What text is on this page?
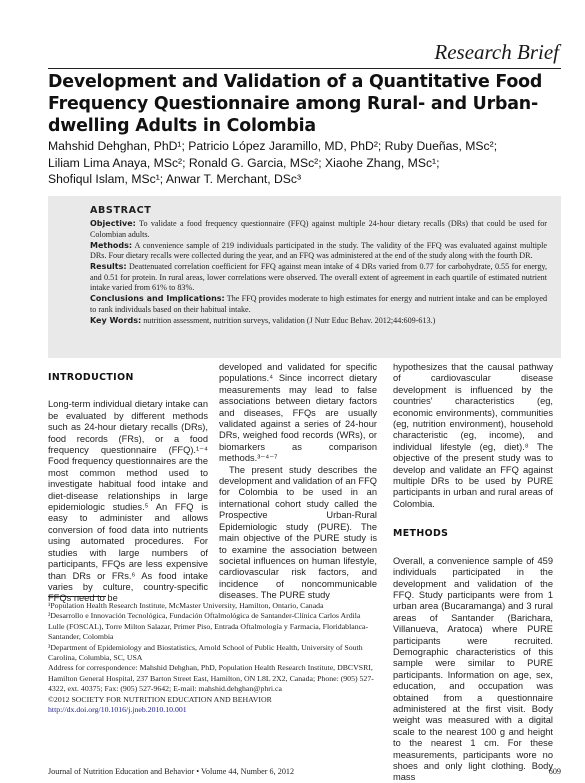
Research Brief
Development and Validation of a Quantitative Food Frequency Questionnaire among Rural- and Urban-dwelling Adults in Colombia
Mahshid Dehghan, PhD¹; Patricio López Jaramillo, MD, PhD²; Ruby Dueñas, MSc²;
Liliam Lima Anaya, MSc²; Ronald G. Garcia, MSc²; Xiaohe Zhang, MSc¹;
Shofiqul Islam, MSc¹; Anwar T. Merchant, DSc³
ABSTRACT
Objective: To validate a food frequency questionnaire (FFQ) against multiple 24-hour dietary recalls (DRs) that could be used for Colombian adults.
Methods: A convenience sample of 219 individuals participated in the study. The validity of the FFQ was evaluated against multiple DRs. Four dietary recalls were collected during the year, and an FFQ was administered at the end of the study along with the fourth DR.
Results: Deattenuated correlation coefficient for FFQ against mean intake of 4 DRs varied from 0.77 for carbohydrate, 0.55 for energy, and 0.51 for protein. In rural areas, lower correlations were observed. The overall extent of agreement in each quartile of estimated nutrient intake varied from 61% to 83%.
Conclusions and Implications: The FFQ provides moderate to high estimates for energy and nutrient intake and can be employed to rank individuals based on their habitual intake.
Key Words: nutrition assessment, nutrition surveys, validation (J Nutr Educ Behav. 2012;44:609-613.)
INTRODUCTION

Long-term individual dietary intake can be evaluated by different methods such as 24-hour dietary recalls (DRs), food records (FRs), or a food frequency questionnaire (FFQ).¹⁻⁴ Food frequency questionnaires are the most common method used to investigate habitual food intake and diet-disease relationships in large epidemiologic studies.⁵ An FFQ is easy to administer and allows conversion of food data into nutrients using automated procedures. For studies with large numbers of participants, FFQs are less expensive than DRs or FRs.⁶ As food intake varies by culture, country-specific FFQs need to be

developed and validated for specific populations.⁴ Since incorrect dietary measurements may lead to false associations between dietary factors and diseases, FFQs are usually validated against a series of 24-hour DRs, weighed food records (WRs), or biomarkers as comparison methods.³⁻⁴⁻⁷

The present study describes the development and validation of an FFQ for Colombia to be used in an international cohort study called the Prospective Urban-Rural Epidemiologic study (PURE). The main objective of the PURE study is to examine the association between societal influences on human lifestyle, cardiovascular risk factors, and incidence of noncommunicable diseases. The PURE study

hypothesizes that the causal pathway of cardiovascular disease development is influenced by the countries' characteristics (eg, economic environments), communities (eg, nutrition environment), household characteristic (eg, income), and individual lifestyle (eg, diet).⁸ The objective of the present study was to develop and validate an FFQ against multiple DRs to be used by PURE participants in urban and rural areas of Colombia.

METHODS

Overall, a convenience sample of 459 individuals participated in the development and validation of the FFQ. Study participants were from 1 urban area (Bucaramanga) and 3 rural areas of Santander (Barichara, Villanueva, Aratoca) where PURE participants were recruited. Demographic characteristics of this sample were similar to PURE participants. Information on age, sex, education, and occupation was obtained from a questionnaire administered at the first visit. Body weight was measured with a digital scale to the nearest 100 g and height to the nearest 1 cm. For these measurements, participants wore no shoes and only light clothing. Body mass

¹Population Health Research Institute, McMaster University, Hamilton, Ontario, Canada
²Desarrollo e Innovación Tecnológica, Fundación Oftalmológica de Santander-Clínica Carlos Ardila Lulle (FOSCAL), Torre Milton Salazar, Primer Piso, Entrada Oftalmología y Farmacia, Floridablanca-Santander, Colombia
³Department of Epidemiology and Biostatistics, Arnold School of Public Health, University of South Carolina, Columbia, SC, USA
Address for correspondence: Mahshid Dehghan, PhD, Population Health Research Institute, DBCVSRI, Hamilton General Hospital, 237 Barton Street East, Hamilton, ON L8L 2X2, Canada; Phone: (905) 527-4322, ext. 40375; Fax: (905) 527-9642; E-mail: mahshid.dehghan@phri.ca
©2012 SOCIETY FOR NUTRITION EDUCATION AND BEHAVIOR
http://dx.doi.org/10.1016/j.jneb.2010.10.001
Journal of Nutrition Education and Behavior • Volume 44, Number 6, 2012	609
